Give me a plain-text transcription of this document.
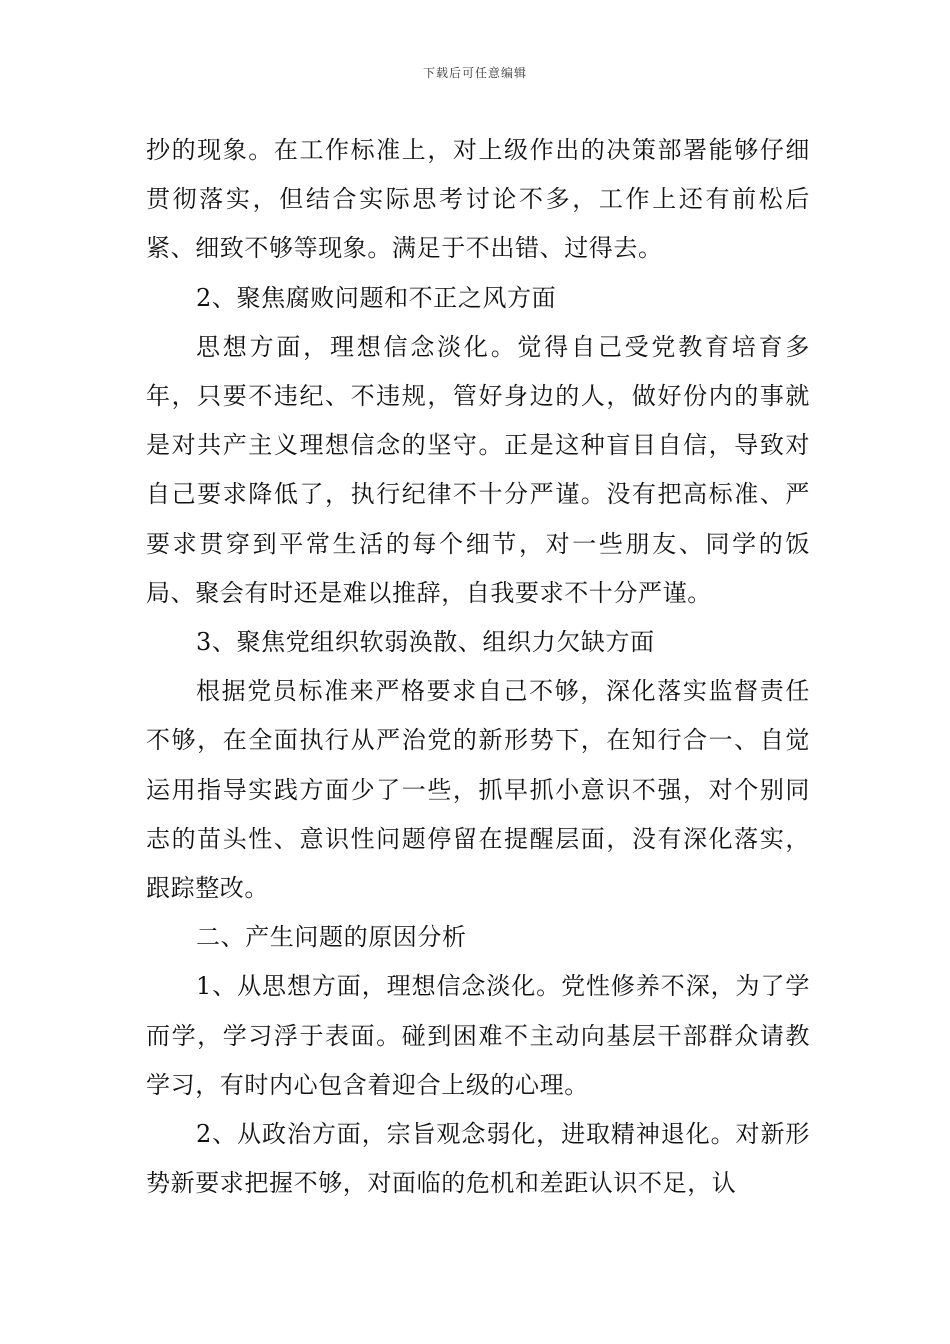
下载后可任意编辑

抄的现象。在工作标准上，对上级作出的决策部署能够仔细贯彻落实，但结合实际思考讨论不多，工作上还有前松后紧、细致不够等现象。满足于不出错、过得去。

2、聚焦腐败问题和不正之风方面

思想方面，理想信念淡化。觉得自己受党教育培育多年，只要不违纪、不违规，管好身边的人，做好份内的事就是对共产主义理想信念的坚守。正是这种盲目自信，导致对自己要求降低了，执行纪律不十分严谨。没有把高标准、严要求贯穿到平常生活的每个细节，对一些朋友、同学的饭局、聚会有时还是难以推辞，自我要求不十分严谨。

3、聚焦党组织软弱涣散、组织力欠缺方面

根据党员标准来严格要求自己不够，深化落实监督责任不够，在全面执行从严治党的新形势下，在知行合一、自觉运用指导实践方面少了一些，抓早抓小意识不强，对个别同志的苗头性、意识性问题停留在提醒层面，没有深化落实，跟踪整改。

二、产生问题的原因分析

1、从思想方面，理想信念淡化。党性修养不深，为了学而学，学习浮于表面。碰到困难不主动向基层干部群众请教学习，有时内心包含着迎合上级的心理。

2、从政治方面，宗旨观念弱化，进取精神退化。对新形势新要求把握不够，对面临的危机和差距认识不足，认
